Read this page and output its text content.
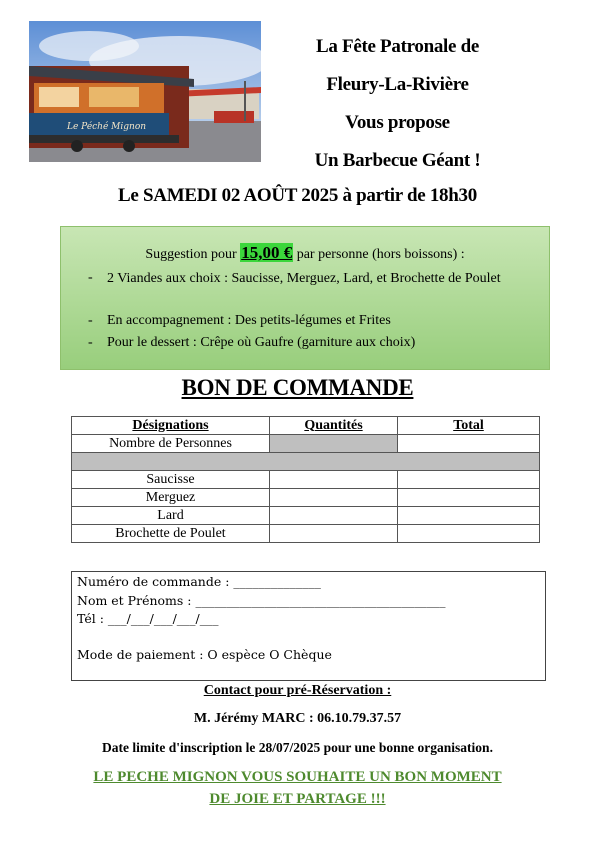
Le Péché Mignon
La Fête Patronale de
Fleury-La-Rivière
Vous propose
Un Barbecue Géant !
Le SAMEDI 02 AOÛT 2025 à partir de 18h30
Suggestion pour 15,00 € par personne (hors boissons) :
- 2 Viandes aux choix : Saucisse, Merguez, Lard, et Brochette de Poulet
- En accompagnement : Des petits-légumes et Frites
- Pour le dessert : Crêpe où Gaufre (garniture aux choix)
BON DE COMMANDE
Désignations	Quantités	Total
Nombre de Personnes		

Saucisse		
Merguez		
Lard		
Brochette de Poulet		
Numéro de commande : ______________
Nom et Prénoms : ________________________________________
Tél : ___/___/___/___/___
Mode de paiement : O espèce O Chèque
Contact pour pré-Réservation :
M. Jérémy MARC : 06.10.79.37.57
Date limite d'inscription le 28/07/2025 pour une bonne organisation.
LE PECHE MIGNON VOUS SOUHAITE UN BON MOMENT
DE JOIE ET PARTAGE !!!
